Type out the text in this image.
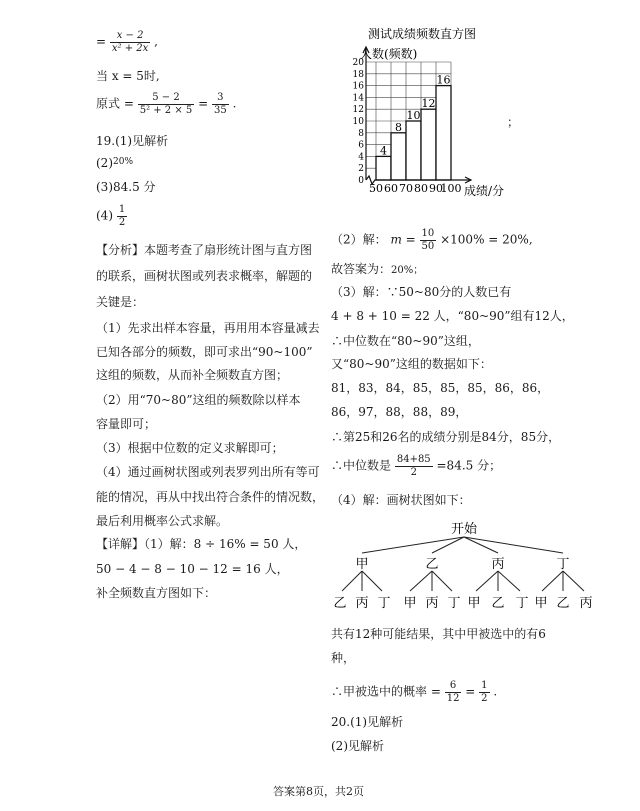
= $\frac{x - 2}{\text{x² + 2x}}$ ,
当 x = 5时,
原式 = $\frac{5 - 2}{\text{5² + 2 × 5}} = \frac{3}{35}$ .
19.(1)见解析
$(2)^{20\%}$
(3)84.5 分
$(4) \frac{1}{2}$
【分析】本题考查了扇形统计图与直方图
的联系，画树状图或列表求概率，解题的
关键是：
（1）先求出样本容量，再用用本容量减去
已知各部分的频数，即可求出“90~100”
这组的频数，从而补全频数直方图；
（2）用“70~80”这组的频数除以样本
容量即可；
（3）根据中位数的定义求解即可；
（4）通过画树状图或列表罗列出所有等可
能的情况，再从中找出符合条件的情况数，
最后利用概率公式求解。
【详解】（1）解：8 ÷ 16% = 50 人，
50 − 4 − 8 − 10 − 12 = 16 人，
补全频数直方图如下：
测试成绩频数直方图
人数(频数)
成绩/分
2
4
6
8
10
12
14
16
18
20
0
4
8
10
12
16
50 60 70 80 90
100
；
（2）解： $m = \frac{10}{50} \times 100\% = 20\%$,
故答案为：20%；
（3）解：∵50~80分的人数已有
4 + 8 + 10 = 22 人，“80~90”组有12人，
∴中位数在“80~90”这组，
又“80~90”这组的数据如下：
81，83，84，85，85，85，86，86，
86，97，88，88，89，
∴第25和26名的成绩分别是84分，85分，
∴中位数是 $\frac{84+85}{2} =84.5$ 分；
（4）解：画树状图如下：
开始
甲	乙	丙	丁
乙 丙 丁 甲 丙 丁 甲 乙 丁 甲 乙 丙
共有12种可能结果，其中甲被选中的有6
种，
∴甲被选中的概率 = $\frac{6}{12} = \frac{1}{2}$ .
20.(1)见解析
(2)见解析
答案第8页，共2页
